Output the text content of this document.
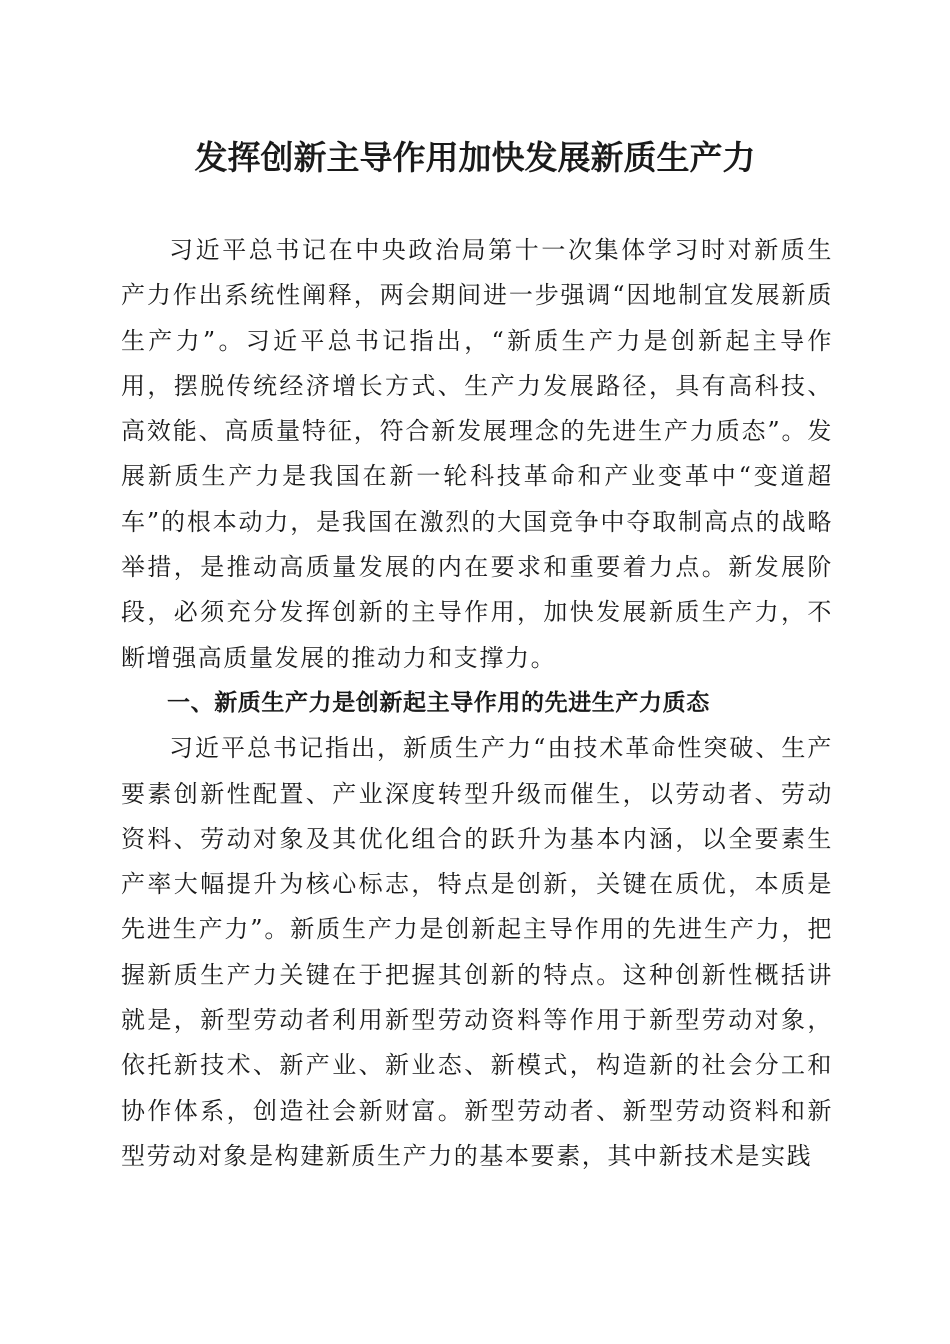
发挥创新主导作用加快发展新质生产力

习近平总书记在中央政治局第十一次集体学习时对新质生产力作出系统性阐释，两会期间进一步强调“因地制宜发展新质生产力”。习近平总书记指出，“新质生产力是创新起主导作用，摆脱传统经济增长方式、生产力发展路径，具有高科技、高效能、高质量特征，符合新发展理念的先进生产力质态”。发展新质生产力是我国在新一轮科技革命和产业变革中“变道超车”的根本动力，是我国在激烈的大国竞争中夺取制高点的战略举措，是推动高质量发展的内在要求和重要着力点。新发展阶段，必须充分发挥创新的主导作用，加快发展新质生产力，不断增强高质量发展的推动力和支撑力。

一、新质生产力是创新起主导作用的先进生产力质态

习近平总书记指出，新质生产力“由技术革命性突破、生产要素创新性配置、产业深度转型升级而催生，以劳动者、劳动资料、劳动对象及其优化组合的跃升为基本内涵，以全要素生产率大幅提升为核心标志，特点是创新，关键在质优，本质是先进生产力”。新质生产力是创新起主导作用的先进生产力，把握新质生产力关键在于把握其创新的特点。这种创新性概括讲就是，新型劳动者利用新型劳动资料等作用于新型劳动对象，依托新技术、新产业、新业态、新模式，构造新的社会分工和协作体系，创造社会新财富。新型劳动者、新型劳动资料和新型劳动对象是构建新质生产力的基本要素，其中新技术是实践
